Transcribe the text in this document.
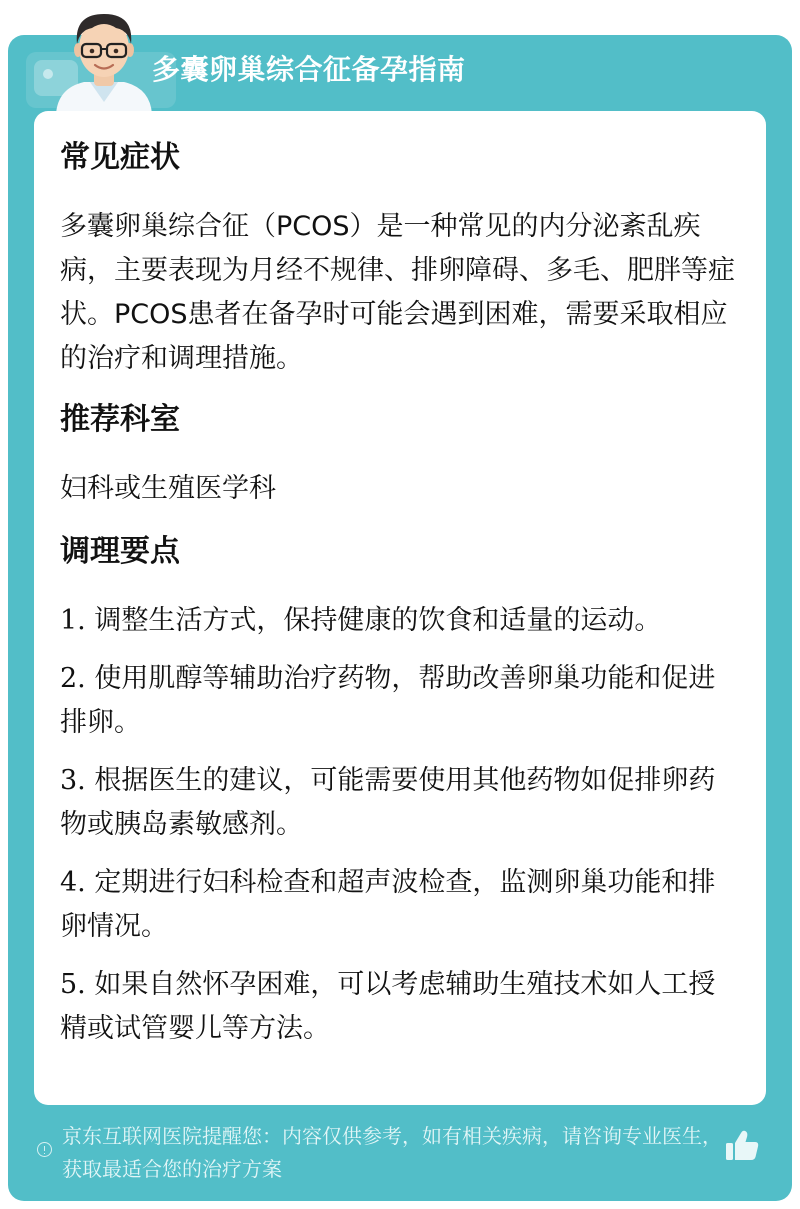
多囊卵巢综合征备孕指南
常见症状

多囊卵巢综合征（PCOS）是一种常见的内分泌紊乱疾病，主要表现为月经不规律、排卵障碍、多毛、肥胖等症状。PCOS患者在备孕时可能会遇到困难，需要采取相应的治疗和调理措施。

推荐科室

妇科或生殖医学科

调理要点

1. 调整生活方式，保持健康的饮食和适量的运动。

2. 使用肌醇等辅助治疗药物，帮助改善卵巢功能和促进排卵。

3. 根据医生的建议，可能需要使用其他药物如促排卵药物或胰岛素敏感剂。

4. 定期进行妇科检查和超声波检查，监测卵巢功能和排卵情况。

5. 如果自然怀孕困难，可以考虑辅助生殖技术如人工授精或试管婴儿等方法。

京东互联网医院提醒您：内容仅供参考，如有相关疾病，请咨询专业医生，获取最适合您的治疗方案
